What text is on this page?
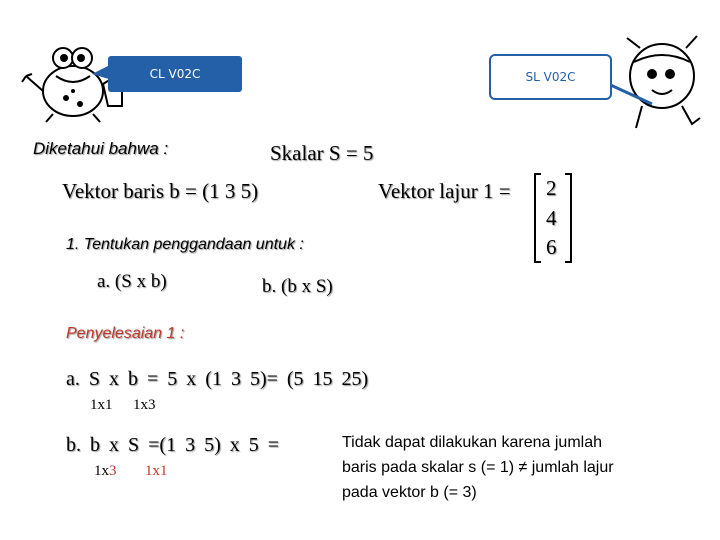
CL V02C	SL V02C
Diketahui bahwa :	Skalar S = 5
Vektor baris b = (1 3 5)	Vektor lajur 1 = 2
4
6
1. Tentukan penggandaan untuk :
a. (S x b)	b. (b x S)
Penyelesaian 1 :
a. S x b = 5 x (1 3 5)= (5 15 25)
1x1 1x3
b. b x S =(1 3 5) x 5 =
1x3 1x1
Tidak dapat dilakukan karena jumlah
baris pada skalar s (= 1) ≠ jumlah lajur
pada vektor b (= 3)
